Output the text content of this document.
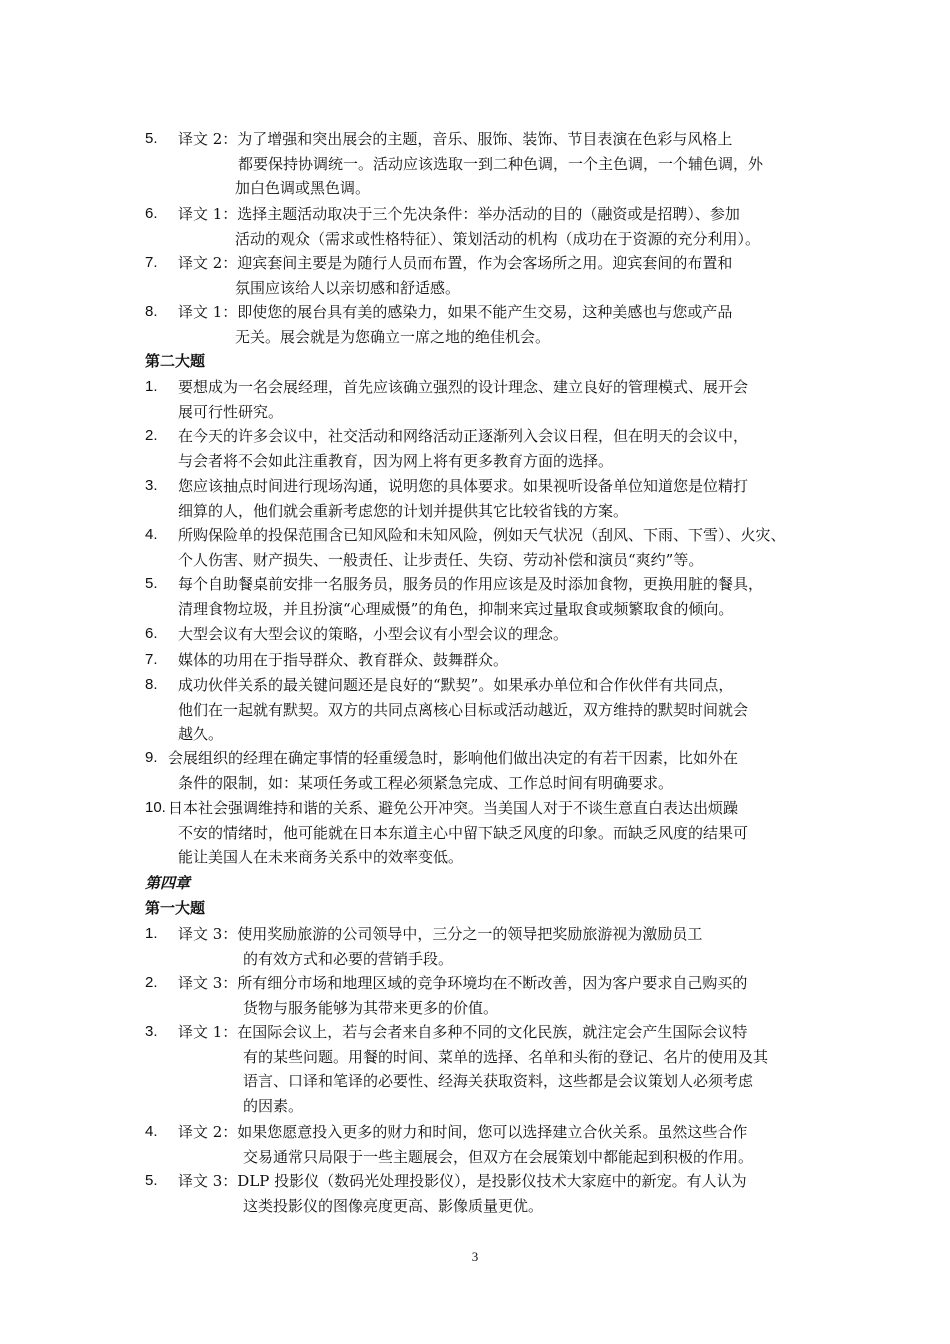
5. 译文 2：为了增强和突出展会的主题，音乐、服饰、装饰、节目表演在色彩与风格上
都要保持协调统一。活动应该选取一到二种色调，一个主色调，一个辅色调，外
加白色调或黑色调。
6. 译文 1：选择主题活动取决于三个先决条件：举办活动的目的（融资或是招聘）、参加
活动的观众（需求或性格特征）、策划活动的机构（成功在于资源的充分利用）。
7. 译文 2：迎宾套间主要是为随行人员而布置，作为会客场所之用。迎宾套间的布置和
氛围应该给人以亲切感和舒适感。
8. 译文 1：即使您的展台具有美的感染力，如果不能产生交易，这种美感也与您或产品
无关。展会就是为您确立一席之地的绝佳机会。
第二大题
1. 要想成为一名会展经理，首先应该确立强烈的设计理念、建立良好的管理模式、展开会
展可行性研究。
2. 在今天的许多会议中，社交活动和网络活动正逐渐列入会议日程，但在明天的会议中，
与会者将不会如此注重教育，因为网上将有更多教育方面的选择。
3. 您应该抽点时间进行现场沟通，说明您的具体要求。如果视听设备单位知道您是位精打
细算的人，他们就会重新考虑您的计划并提供其它比较省钱的方案。
4. 所购保险单的投保范围含已知风险和未知风险，例如天气状况（刮风、下雨、下雪）、火灾、
个人伤害、财产损失、一般责任、让步责任、失窃、劳动补偿和演员“爽约”等。
5. 每个自助餐桌前安排一名服务员，服务员的作用应该是及时添加食物，更换用脏的餐具，
清理食物垃圾，并且扮演“心理威慑”的角色，抑制来宾过量取食或频繁取食的倾向。
6. 大型会议有大型会议的策略，小型会议有小型会议的理念。
7. 媒体的功用在于指导群众、教育群众、鼓舞群众。
8. 成功伙伴关系的最关键问题还是良好的“默契”。如果承办单位和合作伙伴有共同点，
他们在一起就有默契。双方的共同点离核心目标或活动越近，双方维持的默契时间就会
越久。
9. 会展组织的经理在确定事情的轻重缓急时，影响他们做出决定的有若干因素，比如外在
条件的限制，如：某项任务或工程必须紧急完成、工作总时间有明确要求。
10. 日本社会强调维持和谐的关系、避免公开冲突。当美国人对于不谈生意直白表达出烦躁
不安的情绪时，他可能就在日本东道主心中留下缺乏风度的印象。而缺乏风度的结果可
能让美国人在未来商务关系中的效率变低。
第四章
第一大题
1. 译文 3：使用奖励旅游的公司领导中，三分之一的领导把奖励旅游视为激励员工
的有效方式和必要的营销手段。
2. 译文 3：所有细分市场和地理区域的竞争环境均在不断改善，因为客户要求自己购买的
货物与服务能够为其带来更多的价值。
3. 译文 1：在国际会议上，若与会者来自多种不同的文化民族，就注定会产生国际会议特
有的某些问题。用餐的时间、菜单的选择、名单和头衔的登记、名片的使用及其
语言、口译和笔译的必要性、经海关获取资料，这些都是会议策划人必须考虑
的因素。
4. 译文 2：如果您愿意投入更多的财力和时间，您可以选择建立合伙关系。虽然这些合作
交易通常只局限于一些主题展会，但双方在会展策划中都能起到积极的作用。
5. 译文 3：DLP 投影仪（数码光处理投影仪），是投影仪技术大家庭中的新宠。有人认为
这类投影仪的图像亮度更高、影像质量更优。
3
